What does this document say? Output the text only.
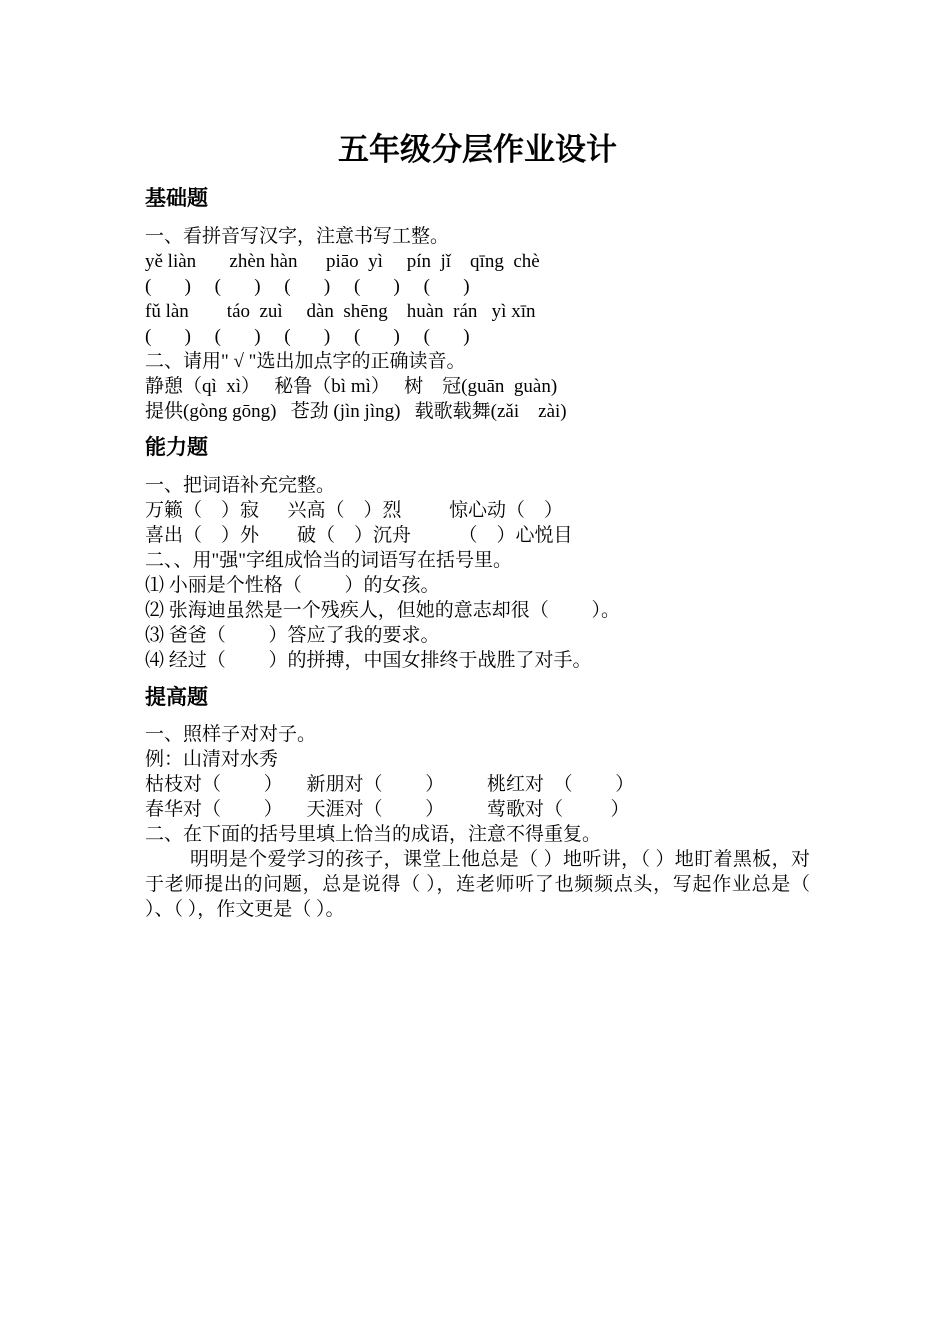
五年级分层作业设计
基础题
一、看拼音写汉字，注意书写工整。
yě liàn       zhèn hàn      piāo  yì     pín  jǐ    qīng  chè
(       )     (       )     (       )     (       )     (       )
fǔ làn        táo  zuì     dàn  shēng    huàn  rán   yì xīn
(       )     (       )     (       )     (       )     (       )
二、请用" √ "选出加点字的正确读音。
静憩（qì  xì）   秘鲁（bì mì）   树    冠(guān  guàn)
提供(gòng gōng)   苍劲 (jìn jìng)   载歌载舞(zǎi    zài)
能力题
一、把词语补充完整。
万籁（    ）寂      兴高（    ）烈          惊心动（    ）
喜出（    ）外        破（    ）沉舟          （    ）心悦目
二、、用"强"字组成恰当的词语写在括号里。
⑴ 小丽是个性格（         ）的女孩。
⑵ 张海迪虽然是一个残疾人，但她的意志却很（         ）。
⑶ 爸爸（         ）答应了我的要求。
⑷ 经过（         ）的拼搏，中国女排终于战胜了对手。
提高题
一、照样子对对子。
例：山清对水秀
枯枝对（         ）     新朋对（         ）         桃红对  （         ）
春华对（         ）     天涯对（         ）         莺歌对（          ）
二、在下面的括号里填上恰当的成语，注意不得重复。
明明是个爱学习的孩子，课堂上他总是（ ）地听讲，（ ）地盯着黑板，对于老师提出的问题，总是说得（ ），连老师听了也频频点头，写起作业总是（ ）、（ ），作文更是（ ）。
